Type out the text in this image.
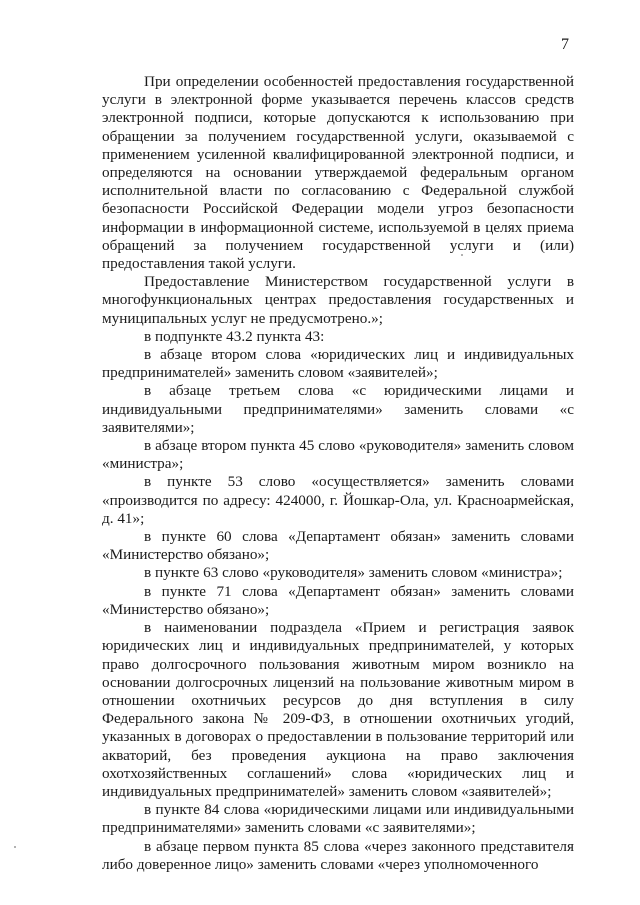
7

При определении особенностей предоставления государственной услуги в электронной форме указывается перечень классов средств электронной подписи, которые допускаются к использованию при обращении за получением государственной услуги, оказываемой с применением усиленной квалифицированной электронной подписи, и определяются на основании утверждаемой федеральным органом исполнительной власти по согласованию с Федеральной службой безопасности Российской Федерации модели угроз безопасности информации в информационной системе, используемой в целях приема обращений за получением государственной услуги и (или) предоставления такой услуги.

Предоставление Министерством государственной услуги в многофункциональных центрах предоставления государственных и муниципальных услуг не предусмотрено.»;

в подпункте 43.2 пункта 43:

в абзаце втором слова «юридических лиц и индивидуальных предпринимателей» заменить словом «заявителей»;

в абзаце третьем слова «с юридическими лицами и индивидуальными предпринимателями» заменить словами «с заявителями»;

в абзаце втором пункта 45 слово «руководителя» заменить словом «министра»;

в пункте 53 слово «осуществляется» заменить словами «производится по адресу: 424000, г. Йошкар-Ола, ул. Красноармейская, д. 41»;

в пункте 60 слова «Департамент обязан» заменить словами «Министерство обязано»;

в пункте 63 слово «руководителя» заменить словом «министра»;

в пункте 71 слова «Департамент обязан» заменить словами «Министерство обязано»;

в наименовании подраздела «Прием и регистрация заявок юридических лиц и индивидуальных предпринимателей, у которых право долгосрочного пользования животным миром возникло на основании долгосрочных лицензий на пользование животным миром в отношении охотничьих ресурсов до дня вступления в силу Федерального закона № 209-ФЗ, в отношении охотничьих угодий, указанных в договорах о предоставлении в пользование территорий или акваторий, без проведения аукциона на право заключения охотхозяйственных соглашений» слова «юридических лиц и индивидуальных предпринимателей» заменить словом «заявителей»;

в пункте 84 слова «юридическими лицами или индивидуальными предпринимателями» заменить словами «с заявителями»;

в абзаце первом пункта 85 слова «через законного представителя либо доверенное лицо» заменить словами «через уполномоченного
